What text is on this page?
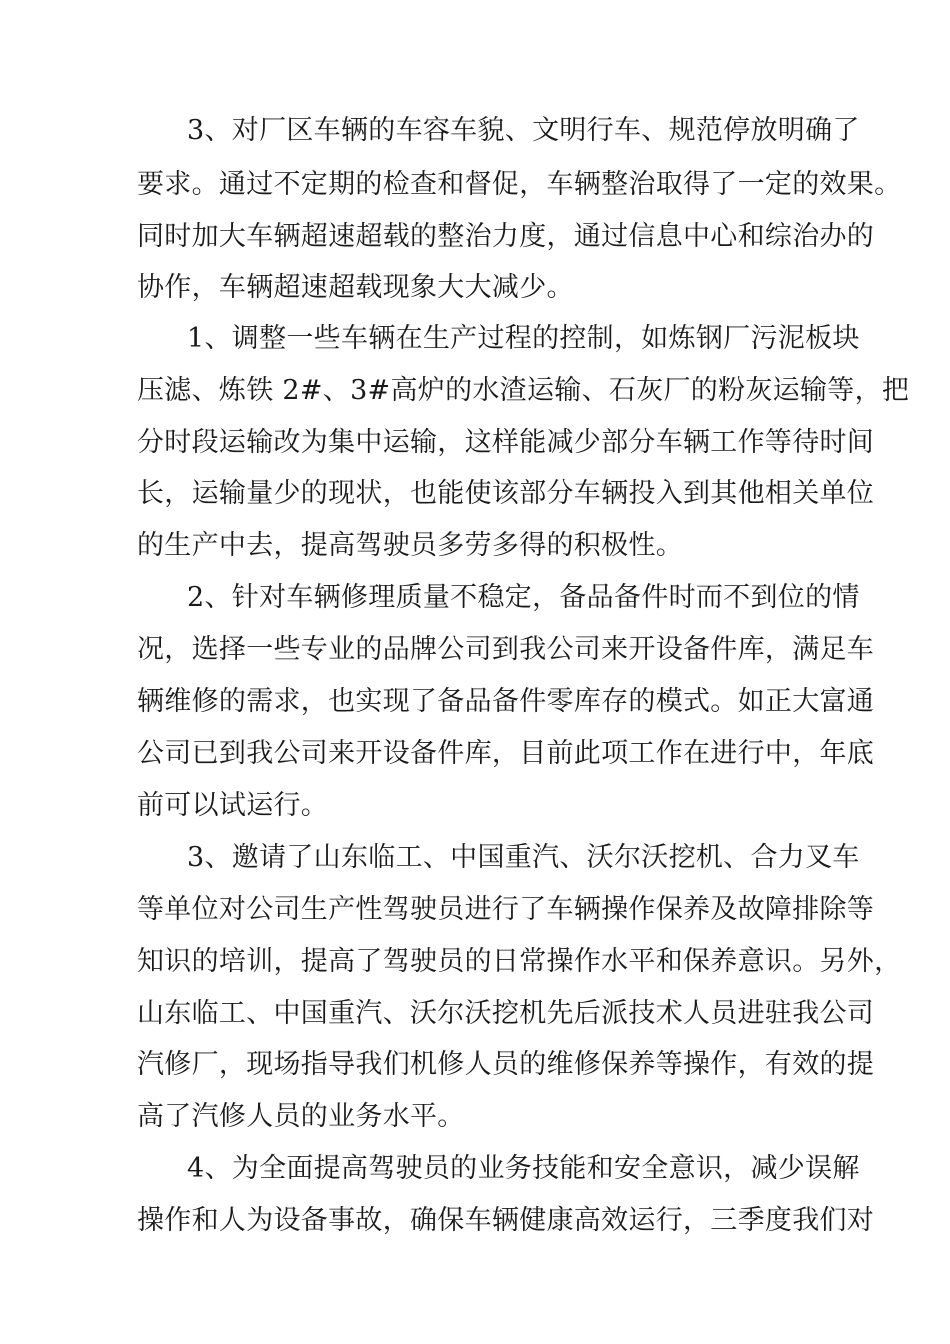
3、对厂区车辆的车容车貌、文明行车、规范停放明确了
要求。通过不定期的检查和督促，车辆整治取得了一定的效果。
同时加大车辆超速超载的整治力度，通过信息中心和综治办的
协作，车辆超速超载现象大大减少。
1、调整一些车辆在生产过程的控制，如炼钢厂污泥板块
压滤、炼铁 2#、3#高炉的水渣运输、石灰厂的粉灰运输等，把
分时段运输改为集中运输，这样能减少部分车辆工作等待时间
长，运输量少的现状，也能使该部分车辆投入到其他相关单位
的生产中去，提高驾驶员多劳多得的积极性。
2、针对车辆修理质量不稳定，备品备件时而不到位的情
况，选择一些专业的品牌公司到我公司来开设备件库，满足车
辆维修的需求，也实现了备品备件零库存的模式。如正大富通
公司已到我公司来开设备件库，目前此项工作在进行中，年底
前可以试运行。
3、邀请了山东临工、中国重汽、沃尔沃挖机、合力叉车
等单位对公司生产性驾驶员进行了车辆操作保养及故障排除等
知识的培训，提高了驾驶员的日常操作水平和保养意识。另外，
山东临工、中国重汽、沃尔沃挖机先后派技术人员进驻我公司
汽修厂，现场指导我们机修人员的维修保养等操作，有效的提
高了汽修人员的业务水平。
4、为全面提高驾驶员的业务技能和安全意识，减少误解
操作和人为设备事故，确保车辆健康高效运行，三季度我们对
